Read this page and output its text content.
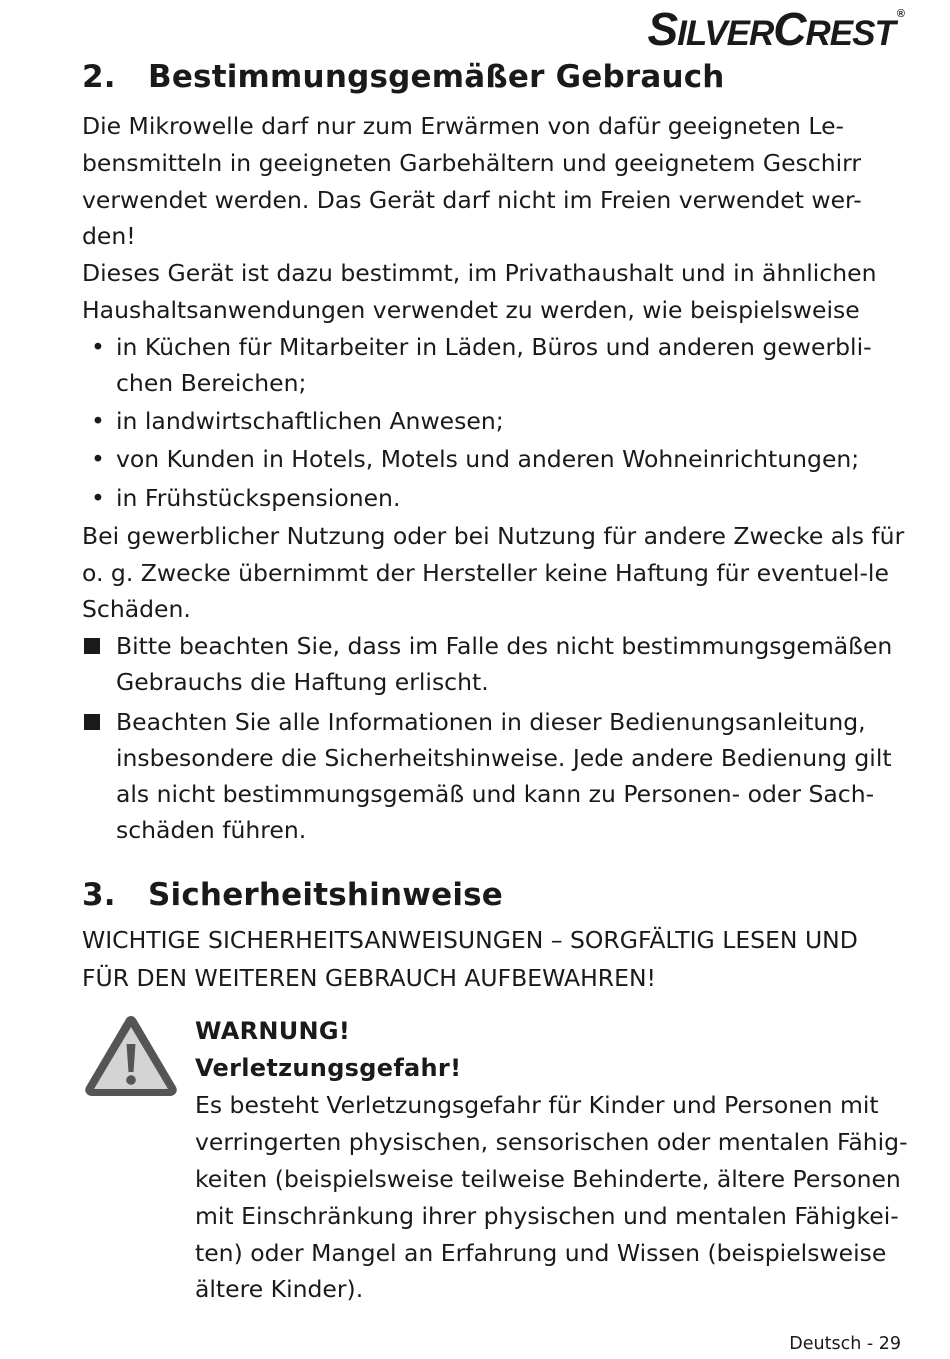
SILVERCREST ®
2. Bestimmungsgemäßer Gebrauch

Die Mikrowelle darf nur zum Erwärmen von dafür geeigneten Le-bensmitteln in geeigneten Garbehältern und geeignetem Geschirr verwendet werden. Das Gerät darf nicht im Freien verwendet wer-den!

Dieses Gerät ist dazu bestimmt, im Privathaushalt und in ähnlichen Haushaltsanwendungen verwendet zu werden, wie beispielsweise

• in Küchen für Mitarbeiter in Läden, Büros und anderen gewerbli-chen Bereichen;
• in landwirtschaftlichen Anwesen;
• von Kunden in Hotels, Motels und anderen Wohneinrichtungen;
• in Frühstückspensionen.

Bei gewerblicher Nutzung oder bei Nutzung für andere Zwecke als für o. g. Zwecke übernimmt der Hersteller keine Haftung für eventuel-le Schäden.

Bitte beachten Sie, dass im Falle des nicht bestimmungsgemäßen Gebrauchs die Haftung erlischt.
Beachten Sie alle Informationen in dieser Bedienungsanleitung, insbesondere die Sicherheitshinweise. Jede andere Bedienung gilt als nicht bestimmungsgemäß und kann zu Personen- oder Sach-schäden führen.
3. Sicherheitshinweise

WICHTIGE SICHERHEITSANWEISUNGEN – SORGFÄLTIG LESEN UND FÜR DEN WEITEREN GEBRAUCH AUFBEWAHREN!

WARNUNG!
Verletzungsgefahr!
Es besteht Verletzungsgefahr für Kinder und Personen mit verringerten physischen, sensorischen oder mentalen Fähig-keiten (beispielsweise teilweise Behinderte, ältere Personen mit Einschränkung ihrer physischen und mentalen Fähigkei-ten) oder Mangel an Erfahrung und Wissen (beispielsweise ältere Kinder).
Deutsch - 29
